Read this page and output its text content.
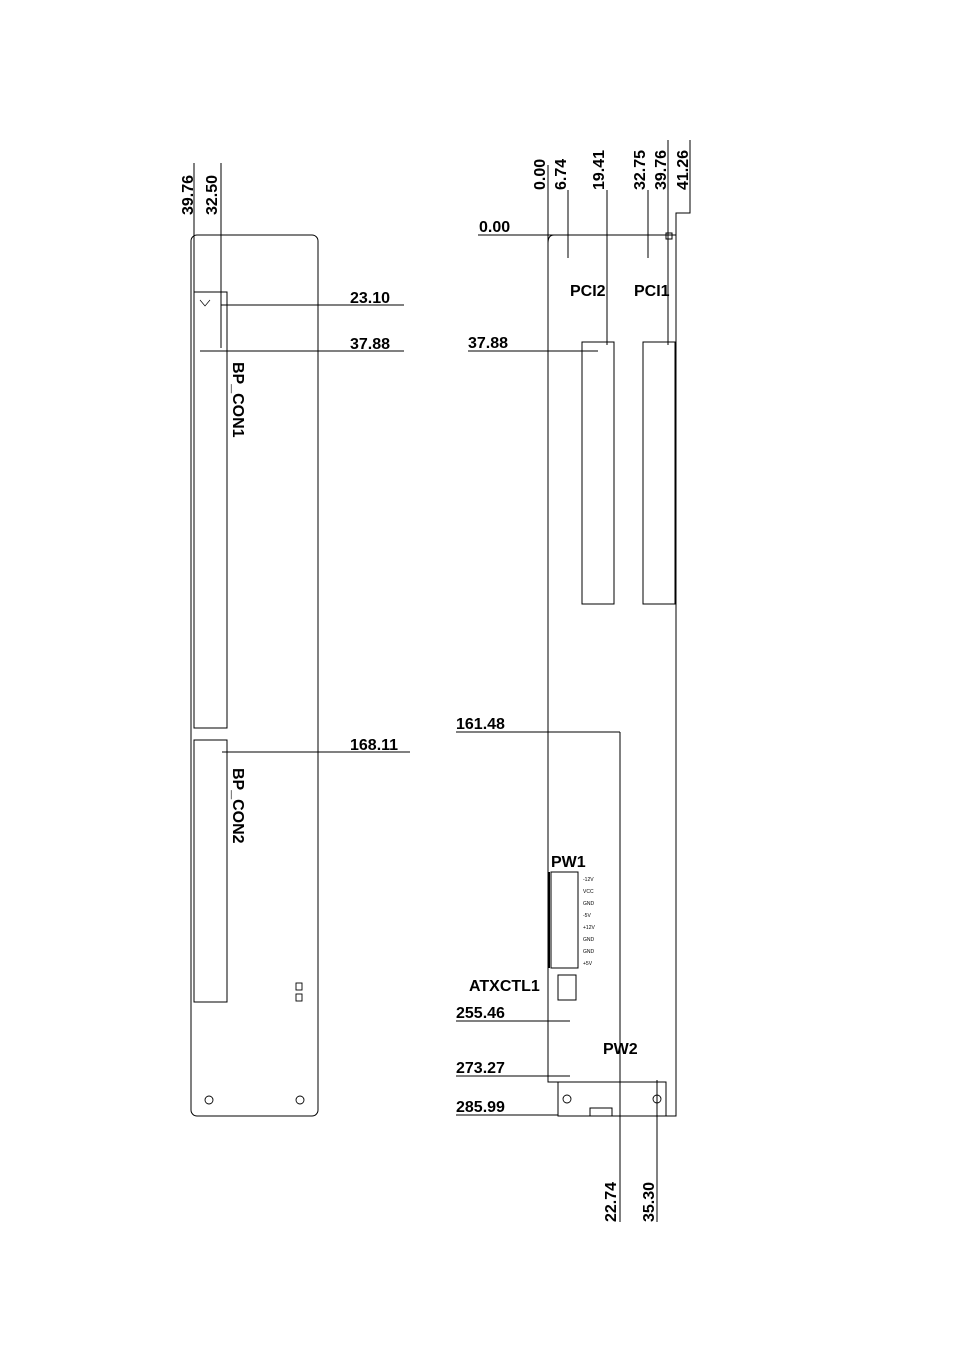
39.76 32.50
23.10
37.88
168.11
BP_CON1
BP_CON2
0.00 6.74 19.41 32.75 39.76 41.26
0.00
37.88
161.48
255.46
273.27
285.99
22.74 35.30
PCI2 PCI1
PW1
ATXCTL1
PW2
-12V
VCC
GND
-5V
+12V
GND
GND
+5V
